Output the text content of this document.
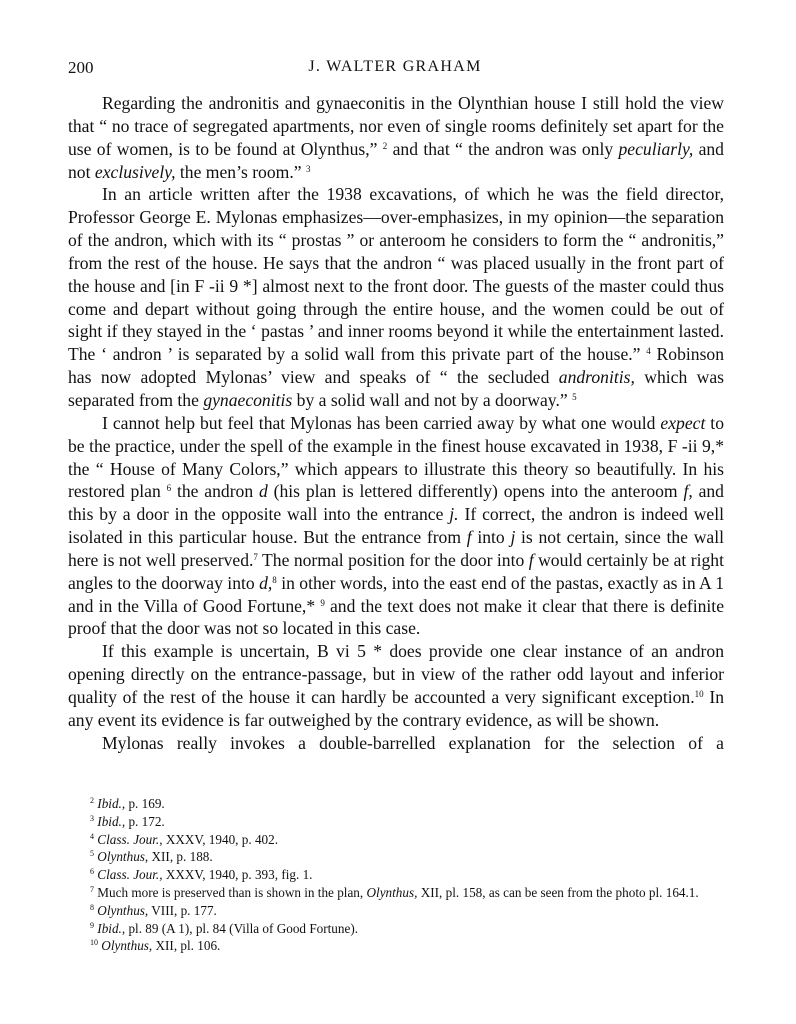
200	J. WALTER GRAHAM

Regarding the andronitis and gynaeconitis in the Olynthian house I still hold the view that “ no trace of segregated apartments, nor even of single rooms definitely set apart for the use of women, is to be found at Olynthus,” $^2$ and that “ the andron was only peculiarly, and not exclusively, the men’s room.” $^3$

In an article written after the 1938 excavations, of which he was the field director, Professor George E. Mylonas emphasizes—over-emphasizes, in my opinion—the separation of the andron, which with its “ prostas ” or anteroom he considers to form the “ andronitis,” from the rest of the house. He says that the andron “ was placed usually in the front part of the house and [in F -ii 9 *] almost next to the front door. The guests of the master could thus come and depart without going through the entire house, and the women could be out of sight if they stayed in the ‘ pastas ’ and inner rooms beyond it while the entertainment lasted. The ‘ andron ’ is separated by a solid wall from this private part of the house.” $^4$ Robinson has now adopted Mylonas’ view and speaks of “ the secluded andronitis, which was separated from the gynaeconitis by a solid wall and not by a doorway.” $^5$

I cannot help but feel that Mylonas has been carried away by what one would expect to be the practice, under the spell of the example in the finest house excavated in 1938, F -ii 9,* the “ House of Many Colors,” which appears to illustrate this theory so beautifully. In his restored plan $^6$ the andron d (his plan is lettered differently) opens into the anteroom f, and this by a door in the opposite wall into the entrance j. If correct, the andron is indeed well isolated in this particular house. But the entrance from f into j is not certain, since the wall here is not well preserved.$^7$ The normal position for the door into f would certainly be at right angles to the doorway into d,$^8$ in other words, into the east end of the pastas, exactly as in A 1 and in the Villa of Good Fortune,* $^9$ and the text does not make it clear that there is definite proof that the door was not so located in this case.

If this example is uncertain, B vi 5 * does provide one clear instance of an andron opening directly on the entrance-passage, but in view of the rather odd layout and inferior quality of the rest of the house it can hardly be accounted a very significant exception.$^{10}$ In any event its evidence is far outweighed by the contrary evidence, as will be shown.

Mylonas really invokes a double-barrelled explanation for the selection of a

$^2$ Ibid., p. 169.

$^3$ Ibid., p. 172.

$^4$ Class. Jour., XXXV, 1940, p. 402.

$^5$ Olynthus, XII, p. 188.

$^6$ Class. Jour., XXXV, 1940, p. 393, fig. 1.

$^7$ Much more is preserved than is shown in the plan, Olynthus, XII, pl. 158, as can be seen from the photo pl. 164.1.

$^8$ Olynthus, VIII, p. 177.

$^9$ Ibid., pl. 89 (A 1), pl. 84 (Villa of Good Fortune).

$^{10}$ Olynthus, XII, pl. 106.
